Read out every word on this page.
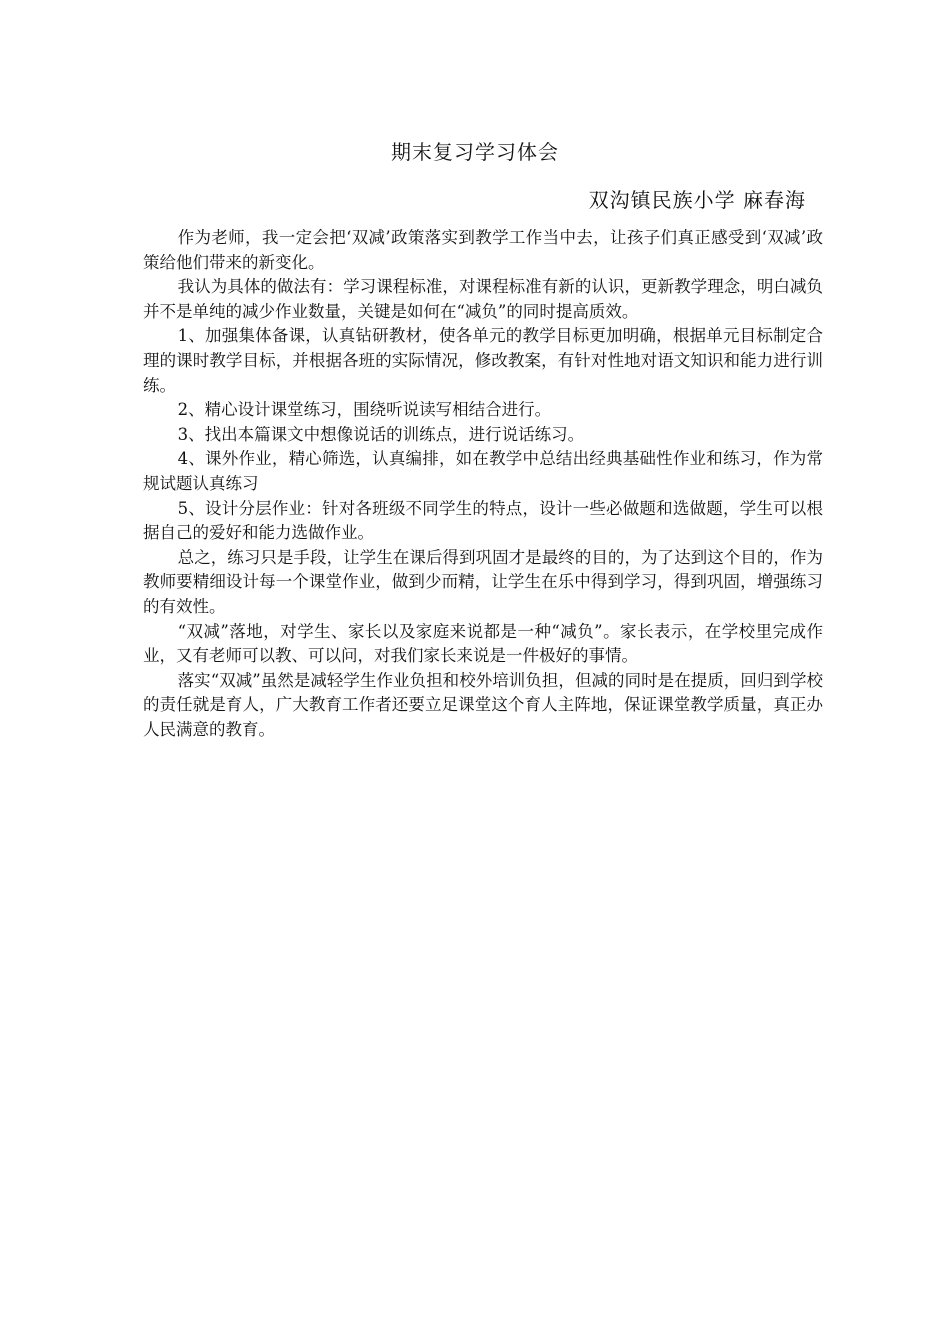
期末复习学习体会
双沟镇民族小学 麻春海

作为老师，我一定会把‘双减’政策落实到教学工作当中去，让孩子们真正感受到‘双减’政策给他们带来的新变化。

我认为具体的做法有：学习课程标准，对课程标准有新的认识，更新教学理念，明白减负并不是单纯的减少作业数量，关键是如何在“减负”的同时提高质效。

1、加强集体备课，认真钻研教材，使各单元的教学目标更加明确，根据单元目标制定合理的课时教学目标，并根据各班的实际情况，修改教案，有针对性地对语文知识和能力进行训练。

2、精心设计课堂练习，围绕听说读写相结合进行。

3、找出本篇课文中想像说话的训练点，进行说话练习。

4、课外作业，精心筛选，认真编排，如在教学中总结出经典基础性作业和练习，作为常规试题认真练习

5、设计分层作业：针对各班级不同学生的特点，设计一些必做题和选做题，学生可以根据自己的爱好和能力选做作业。

总之，练习只是手段，让学生在课后得到巩固才是最终的目的，为了达到这个目的，作为教师要精细设计每一个课堂作业，做到少而精，让学生在乐中得到学习，得到巩固，增强练习的有效性。

“双减”落地，对学生、家长以及家庭来说都是一种“减负”。家长表示，在学校里完成作业，又有老师可以教、可以问，对我们家长来说是一件极好的事情。

落实“双减”虽然是减轻学生作业负担和校外培训负担，但减的同时是在提质，回归到学校的责任就是育人，广大教育工作者还要立足课堂这个育人主阵地，保证课堂教学质量，真正办人民满意的教育。
